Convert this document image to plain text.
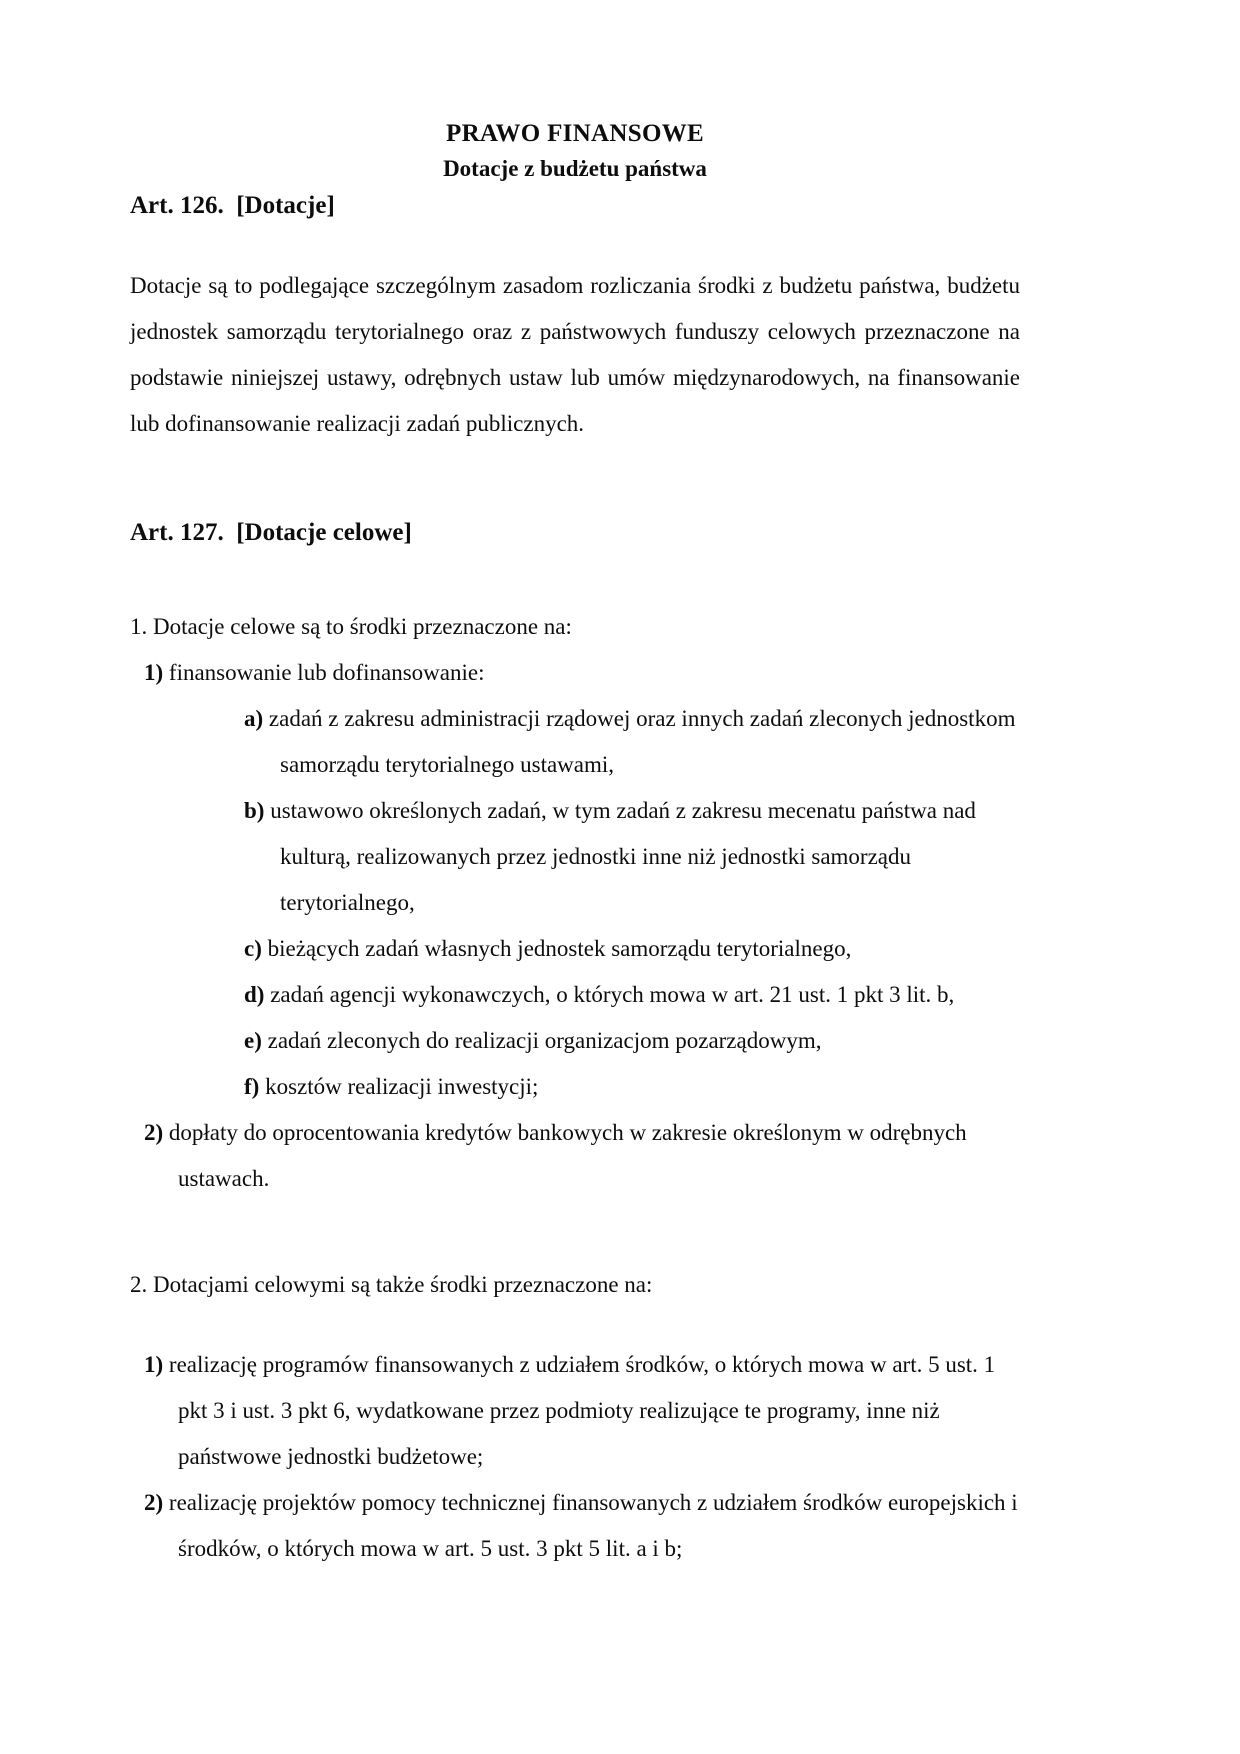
PRAWO FINANSOWE
Dotacje z budżetu państwa

Art. 126.  [Dotacje]

Dotacje są to podlegające szczególnym zasadom rozliczania środki z budżetu państwa, budżetu jednostek samorządu terytorialnego oraz z państwowych funduszy celowych przeznaczone na podstawie niniejszej ustawy, odrębnych ustaw lub umów międzynarodowych, na finansowanie lub dofinansowanie realizacji zadań publicznych.

Art. 127.  [Dotacje celowe]

1. Dotacje celowe są to środki przeznaczone na:

1) finansowanie lub dofinansowanie:

a) zadań z zakresu administracji rządowej oraz innych zadań zleconych jednostkom samorządu terytorialnego ustawami,

b) ustawowo określonych zadań, w tym zadań z zakresu mecenatu państwa nad kulturą, realizowanych przez jednostki inne niż jednostki samorządu terytorialnego,

c) bieżących zadań własnych jednostek samorządu terytorialnego,

d) zadań agencji wykonawczych, o których mowa w art. 21 ust. 1 pkt 3 lit. b,

e) zadań zleconych do realizacji organizacjom pozarządowym,

f) kosztów realizacji inwestycji;

2) dopłaty do oprocentowania kredytów bankowych w zakresie określonym w odrębnych ustawach.

2. Dotacjami celowymi są także środki przeznaczone na:

1) realizację programów finansowanych z udziałem środków, o których mowa w art. 5 ust. 1 pkt 3 i ust. 3 pkt 6, wydatkowane przez podmioty realizujące te programy, inne niż państwowe jednostki budżetowe;

2) realizację projektów pomocy technicznej finansowanych z udziałem środków europejskich i środków, o których mowa w art. 5 ust. 3 pkt 5 lit. a i b;
